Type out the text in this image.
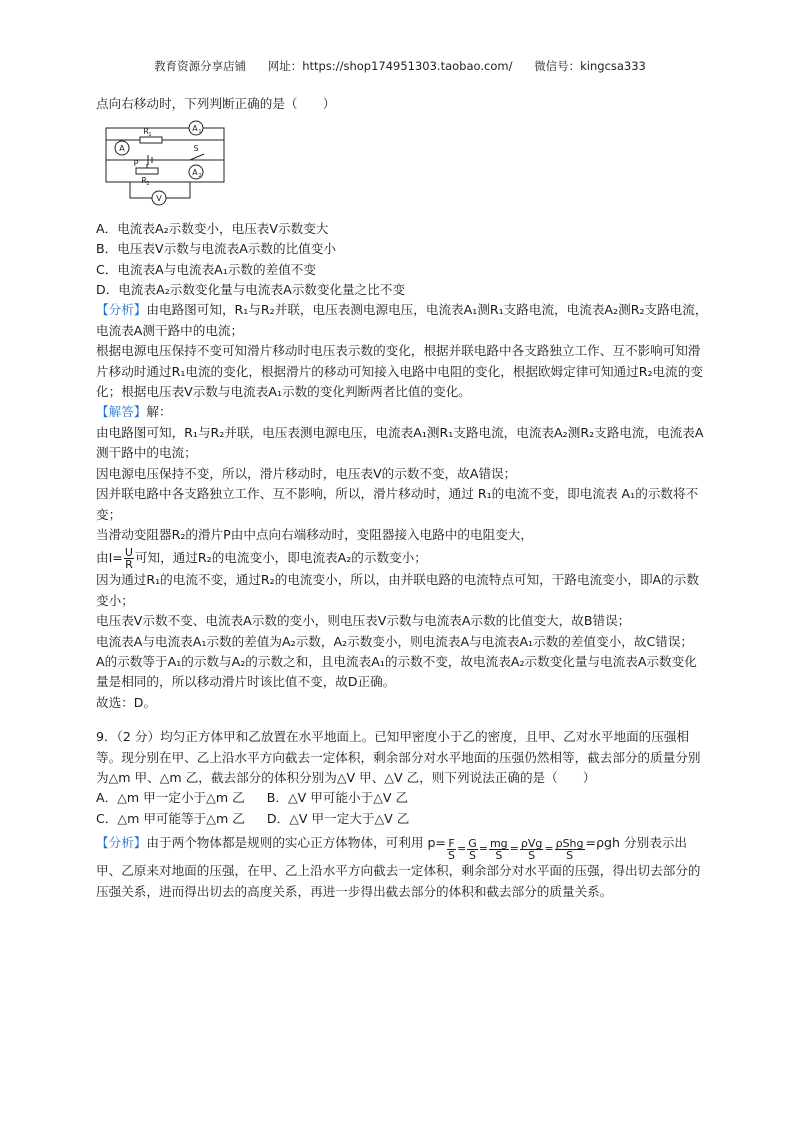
教育资源分享店铺 网址：https://shop174951303.taobao.com/ 微信号：kingcsa333

点向右移动时，下列判断正确的是（　　）

A 1
A
A 2
V
R 1
R 2
S
P

A．电流表A₂示数变小，电压表V示数变大

B．电压表V示数与电流表A示数的比值变小

C．电流表A与电流表A₁示数的差值不变

D．电流表A₂示数变化量与电流表A示数变化量之比不变

【分析】由电路图可知，R₁与R₂并联，电压表测电源电压，电流表A₁测R₁支路电流，电流表A₂测R₂支路电流，电流表A测干路中的电流；

根据电源电压保持不变可知滑片移动时电压表示数的变化，根据并联电路中各支路独立工作、互不影响可知滑片移动时通过R₁电流的变化，根据滑片的移动可知接入电路中电阻的变化，根据欧姆定律可知通过R₂电流的变化；根据电压表V示数与电流表A₁示数的变化判断两者比值的变化。

【解答】解：

由电路图可知，R₁与R₂并联，电压表测电源电压，电流表A₁测R₁支路电流，电流表A₂测R₂支路电流，电流表A测干路中的电流；

因电源电压保持不变，所以，滑片移动时，电压表V的示数不变，故A错误；

因并联电路中各支路独立工作、互不影响，所以，滑片移动时，通过 R₁的电流不变，即电流表 A₁的示数将不变；

当滑动变阻器R₂的滑片P由中点向右端移动时，变阻器接入电路中的电阻变大，

由$I= \frac{U}{R}$ 可知，通过R₂的电流变小，即电流表A₂的示数变小；

因为通过R₁的电流不变，通过R₂的电流变小，所以，由并联电路的电流特点可知，干路电流变小，即A的示数变小；

电压表V示数不变、电流表A示数的变小，则电压表V示数与电流表A示数的比值变大，故B错误；

电流表A与电流表A₁示数的差值为A₂示数，A₂示数变小，则电流表A与电流表A₁示数的差值变小，故C错误；

A的示数等于A₁的示数与A₂的示数之和，且电流表A₁的示数不变，故电流表A₂示数变化量与电流表A示数变化量是相同的，所以移动滑片时该比值不变，故D正确。

故选：D。

9．（2 分）均匀正方体甲和乙放置在水平地面上。已知甲密度小于乙的密度，且甲、乙对水平地面的压强相等。现分别在甲、乙上沿水平方向截去一定体积，剩余部分对水平地面的压强仍然相等，截去部分的质量分别为△m 甲、△m 乙，截去部分的体积分别为△V 甲、△V 乙，则下列说法正确的是（　　）

A．△m 甲一定小于△m 乙 B．△V 甲可能小于△V 乙

C．△m 甲可能等于△m 乙 D．△V 甲一定大于△V 乙

【分析】由于两个物体都是规则的实心正方体物体，可利用 $p= \frac{F}{S} = \frac{G}{S} = \frac{mg}{S} = \frac{\text{ρVg}}{S} = \frac{\text{ρShg}}{S} =\rho gh$ 分别表示出甲、乙原来对地面的压强，在甲、乙上沿水平方向截去一定体积，剩余部分对水平面的压强，得出切去部分的压强关系，进而得出切去的高度关系，再进一步得出截去部分的体积和截去部分的质量关系。
